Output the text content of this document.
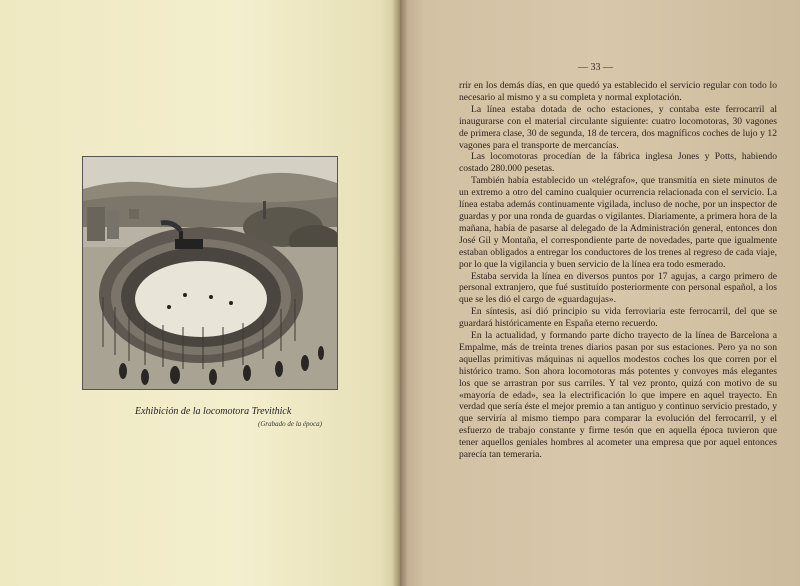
Exhibición de la locomotora Trevithick
(Grabado de la época)
— 33 —

rrir en los demás días, en que quedó ya establecido el servicio regular con todo lo necesario al mismo y a su completa y normal explotación.

La línea estaba dotada de ocho estaciones, y contaba este ferrocarril al inaugurarse con el material circulante siguiente: cuatro locomotoras, 30 vagones de primera clase, 30 de segunda, 18 de tercera, dos magníficos coches de lujo y 12 vagones para el transporte de mercancías.

Las locomotoras procedían de la fábrica inglesa Jones y Potts, habiendo costado 280.000 pesetas.

También había establecido un «telégrafo», que transmitía en siete minutos de un extremo a otro del camino cualquier ocurrencia relacionada con el servicio. La línea estaba además continuamente vigilada, incluso de noche, por un inspector de guardas y por una ronda de guardas o vigilantes. Diariamente, a primera hora de la mañana, había de pasarse al delegado de la Administración general, entonces don José Gil y Montaña, el correspondiente parte de novedades, parte que igualmente estaban obligados a entregar los conductores de los trenes al regreso de cada viaje, por lo que la vigilancia y buen servicio de la línea era todo esmerado.

Estaba servida la línea en diversos puntos por 17 agujas, a cargo primero de personal extranjero, que fué sustituído posteriormente con personal español, a los que se les dió el cargo de «guardagujas».

En síntesis, así dió principio su vida ferroviaria este ferrocarril, del que se guardará históricamente en España eterno recuerdo.

En la actualidad, y formando parte dicho trayecto de la línea de Barcelona a Empalme, más de treinta trenes diarios pasan por sus estaciones. Pero ya no son aquellas primitivas máquinas ni aquellos modestos coches los que corren por el histórico tramo. Son ahora locomotoras más potentes y convoyes más elegantes los que se arrastran por sus carriles. Y tal vez pronto, quizá con motivo de su «mayoría de edad», sea la electrificación lo que impere en aquel trayecto. En verdad que sería éste el mejor premio a tan antiguo y continuo servicio prestado, y que serviría al mismo tiempo para comparar la evolución del ferrocarril, y el esfuerzo de trabajo constante y firme tesón que en aquella época tuvieron que tener aquellos geniales hombres al acometer una empresa que por aquel entonces parecía tan temeraria.
